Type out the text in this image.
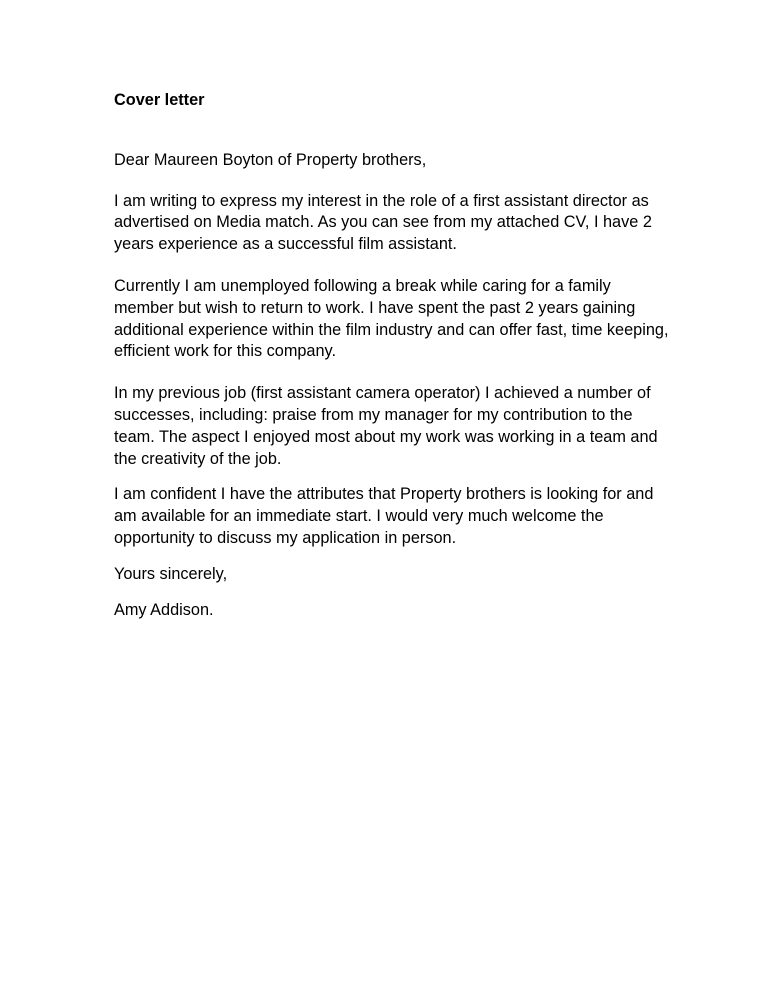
Cover letter

Dear Maureen Boyton of Property brothers,

I am writing to express my interest in the role of a first assistant director as advertised on Media match. As you can see from my attached CV, I have 2 years experience as a successful film assistant.

Currently I am unemployed following a break while caring for a family member but wish to return to work. I have spent the past 2 years gaining additional experience within the film industry and can offer fast, time keeping, efficient work for this company.

In my previous job (first assistant camera operator) I achieved a number of successes, including: praise from my manager for my contribution to the team. The aspect I enjoyed most about my work was working in a team and the creativity of the job.

I am confident I have the attributes that Property brothers is looking for and am available for an immediate start. I would very much welcome the opportunity to discuss my application in person.

Yours sincerely,

Amy Addison.
